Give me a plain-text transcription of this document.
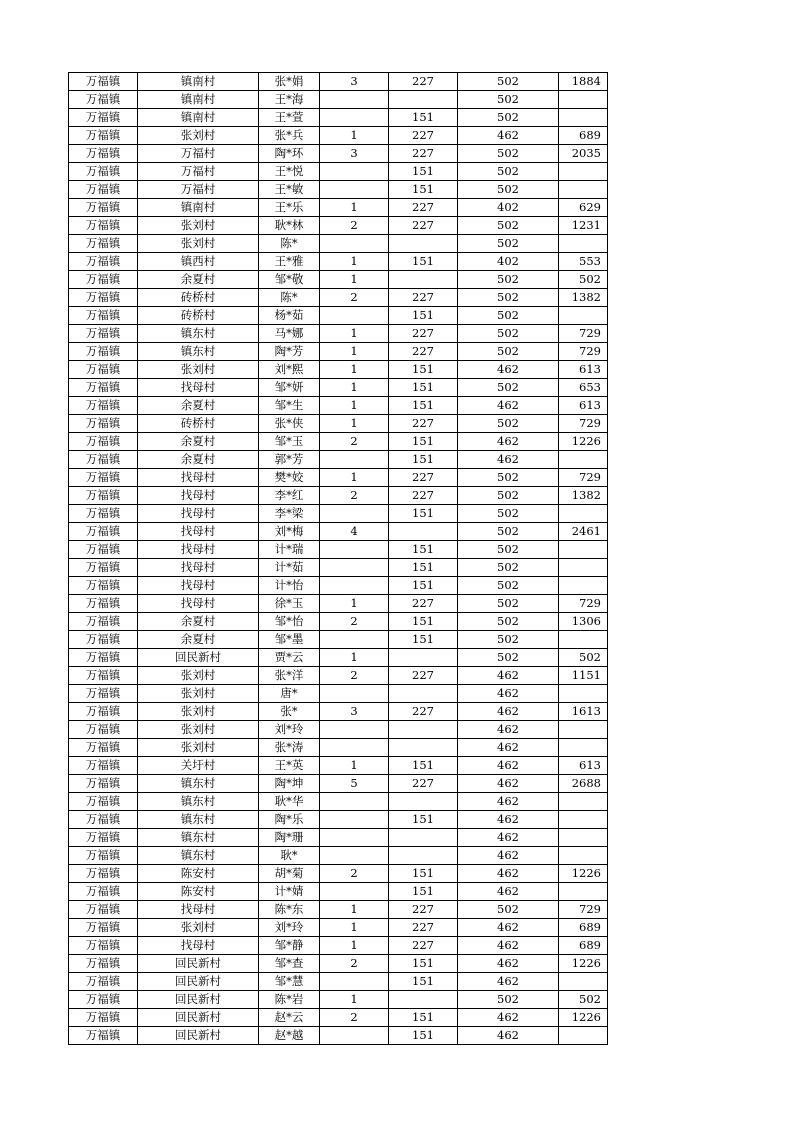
万福镇	镇南村	张*娟	3	227	502	1884
万福镇	镇南村	王*海			502	
万福镇	镇南村	王*萱		151	502	
万福镇	张刘村	张*兵	1	227	462	689
万福镇	万福村	陶*环	3	227	502	2035
万福镇	万福村	王*悦		151	502	
万福镇	万福村	王*敏		151	502	
万福镇	镇南村	王*乐	1	227	402	629
万福镇	张刘村	耿*林	2	227	502	1231
万福镇	张刘村	陈*			502	
万福镇	镇西村	王*雅	1	151	402	553
万福镇	余夏村	邹*敬	1		502	502
万福镇	砖桥村	陈*	2	227	502	1382
万福镇	砖桥村	杨*茹		151	502	
万福镇	镇东村	马*娜	1	227	502	729
万福镇	镇东村	陶*芳	1	227	502	729
万福镇	张刘村	刘*熙	1	151	462	613
万福镇	找母村	邹*妍	1	151	502	653
万福镇	余夏村	邹*生	1	151	462	613
万福镇	砖桥村	张*侠	1	227	502	729
万福镇	余夏村	邹*玉	2	151	462	1226
万福镇	余夏村	郭*芳		151	462	
万福镇	找母村	樊*姣	1	227	502	729
万福镇	找母村	李*红	2	227	502	1382
万福镇	找母村	李*梁		151	502	
万福镇	找母村	刘*梅	4		502	2461
万福镇	找母村	计*瑞		151	502	
万福镇	找母村	计*茹		151	502	
万福镇	找母村	计*怡		151	502	
万福镇	找母村	徐*玉	1	227	502	729
万福镇	余夏村	邹*怡	2	151	502	1306
万福镇	余夏村	邹*墨		151	502	
万福镇	回民新村	贾*云	1		502	502
万福镇	张刘村	张*洋	2	227	462	1151
万福镇	张刘村	唐*			462	
万福镇	张刘村	张*	3	227	462	1613
万福镇	张刘村	刘*玲			462	
万福镇	张刘村	张*涛			462	
万福镇	关圩村	王*英	1	151	462	613
万福镇	镇东村	陶*坤	5	227	462	2688
万福镇	镇东村	耿*华			462	
万福镇	镇东村	陶*乐		151	462	
万福镇	镇东村	陶*珊			462	
万福镇	镇东村	耿*			462	
万福镇	陈安村	胡*菊	2	151	462	1226
万福镇	陈安村	计*婧		151	462	
万福镇	找母村	陈*东	1	227	502	729
万福镇	张刘村	刘*玲	1	227	462	689
万福镇	找母村	邹*静	1	227	462	689
万福镇	回民新村	邹*查	2	151	462	1226
万福镇	回民新村	邹*慧		151	462	
万福镇	回民新村	陈*岩	1		502	502
万福镇	回民新村	赵*云	2	151	462	1226
万福镇	回民新村	赵*越		151	462	
